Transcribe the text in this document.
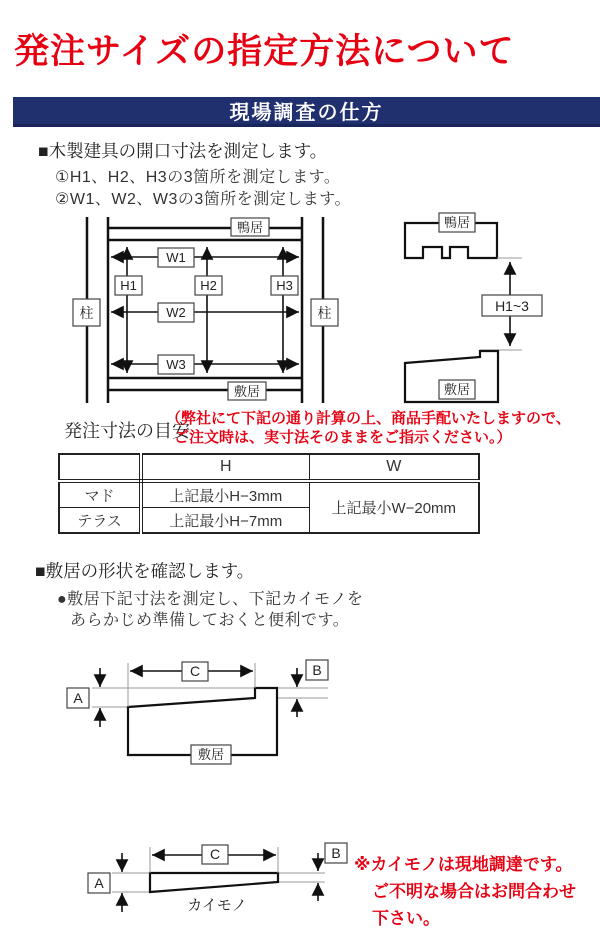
発注サイズの指定方法について
現場調査の仕方
■木製建具の開口寸法を測定します。
①H1、H2、H3の3箇所を測定します。
②W1、W2、W3の3箇所を測定します。
鴨居
W1
W2
W3
H1	H2	H3
柱	柱
敷居
鴨居
H1~3
敷居
発注寸法の目安
（弊社にて下記の通り計算の上、商品手配いたしますので、
ご注文時は、実寸法そのままをご指示ください。）
	H	W
マド	上記最小H−3mm	上記最小W−20mm
テラス	上記最小H−7mm	
■敷居の形状を確認します。
●敷居下記寸法を測定し、下記カイモノを
あらかじめ準備しておくと便利です。
C	B
A
敷居
C	B
A
カイモノ
※カイモノは現地調達です。
ご不明な場合はお問合わせ
下さい。
